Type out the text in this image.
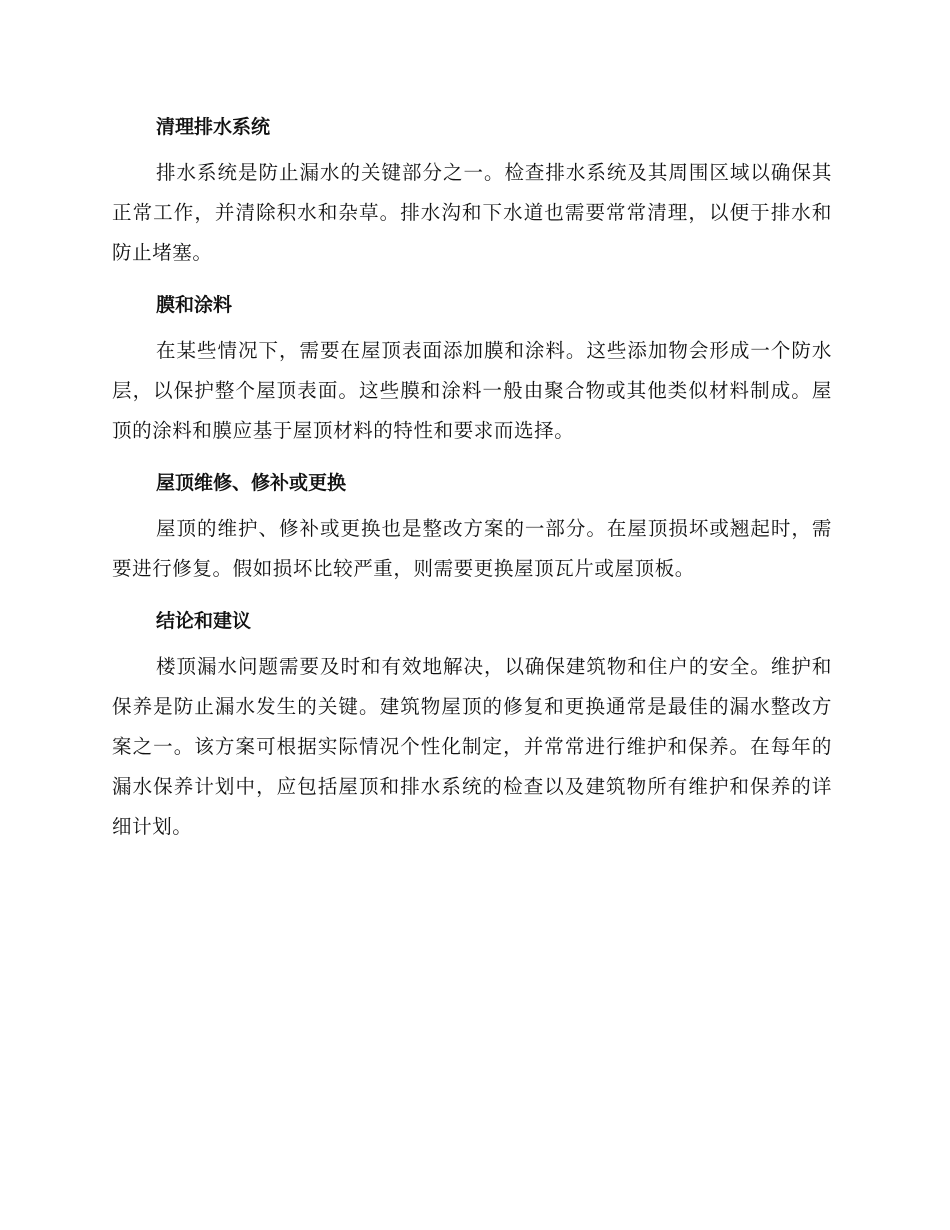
清理排水系统

排水系统是防止漏水的关键部分之一。检查排水系统及其周围区域以确保其正常工作，并清除积水和杂草。排水沟和下水道也需要常常清理，以便于排水和防止堵塞。

膜和涂料

在某些情况下，需要在屋顶表面添加膜和涂料。这些添加物会形成一个防水层，以保护整个屋顶表面。这些膜和涂料一般由聚合物或其他类似材料制成。屋顶的涂料和膜应基于屋顶材料的特性和要求而选择。

屋顶维修、修补或更换

屋顶的维护、修补或更换也是整改方案的一部分。在屋顶损坏或翘起时，需要进行修复。假如损坏比较严重，则需要更换屋顶瓦片或屋顶板。

结论和建议

楼顶漏水问题需要及时和有效地解决，以确保建筑物和住户的安全。维护和保养是防止漏水发生的关键。建筑物屋顶的修复和更换通常是最佳的漏水整改方案之一。该方案可根据实际情况个性化制定，并常常进行维护和保养。在每年的漏水保养计划中，应包括屋顶和排水系统的检查以及建筑物所有维护和保养的详细计划。
